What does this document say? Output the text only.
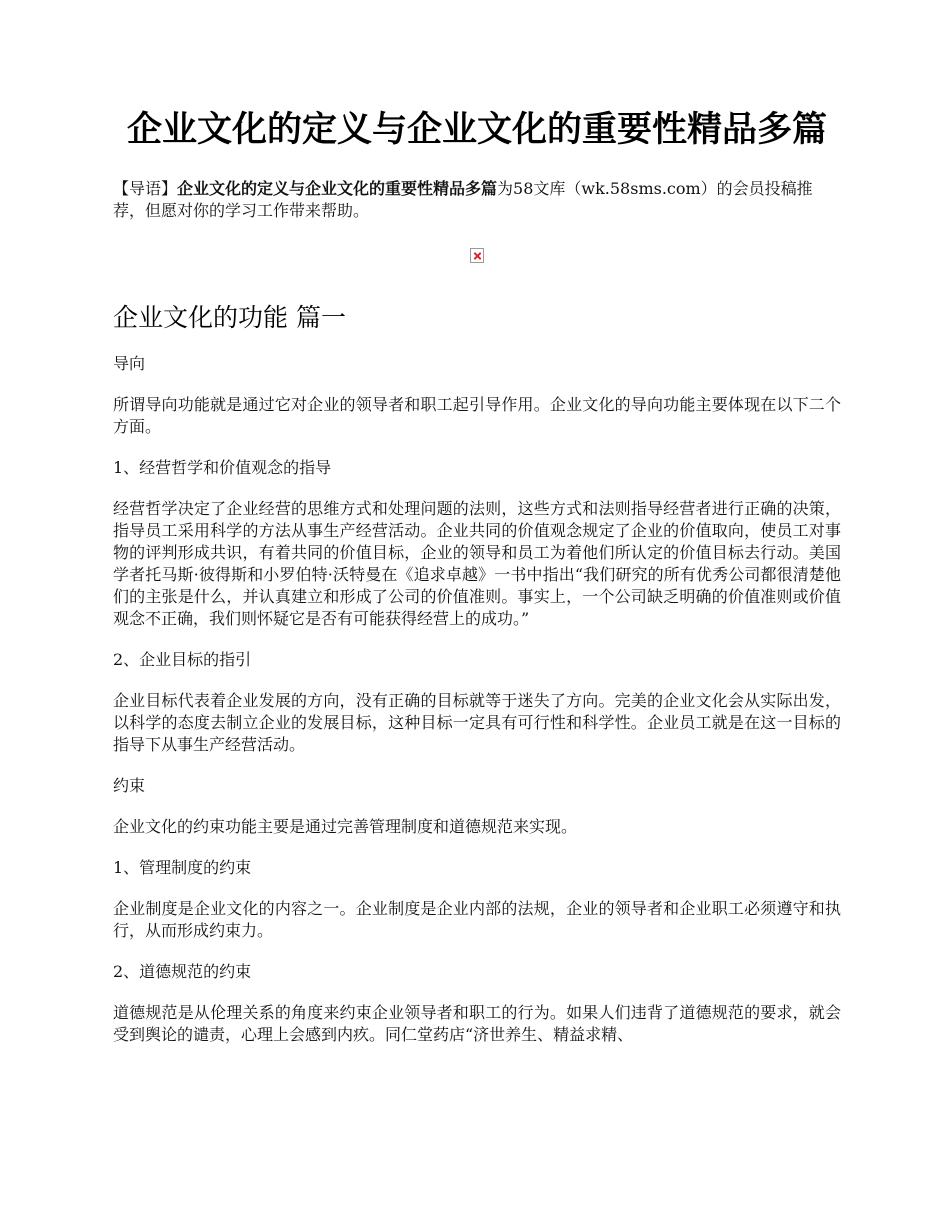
企业文化的定义与企业文化的重要性精品多篇
【导语】企业文化的定义与企业文化的重要性精品多篇为58文库（wk.58sms.com）的会员投稿推荐，但愿对你的学习工作带来帮助。
企业文化的功能 篇一

导向

所谓导向功能就是通过它对企业的领导者和职工起引导作用。企业文化的导向功能主要体现在以下二个方面。

1、经营哲学和价值观念的指导

经营哲学决定了企业经营的思维方式和处理问题的法则，这些方式和法则指导经营者进行正确的决策，指导员工采用科学的方法从事生产经营活动。企业共同的价值观念规定了企业的价值取向，使员工对事物的评判形成共识，有着共同的价值目标，企业的领导和员工为着他们所认定的价值目标去行动。美国学者托马斯·彼得斯和小罗伯特·沃特曼在《追求卓越》一书中指出“我们研究的所有优秀公司都很清楚他们的主张是什么，并认真建立和形成了公司的价值准则。事实上，一个公司缺乏明确的价值准则或价值观念不正确，我们则怀疑它是否有可能获得经营上的成功。”

2、企业目标的指引

企业目标代表着企业发展的方向，没有正确的目标就等于迷失了方向。完美的企业文化会从实际出发，以科学的态度去制立企业的发展目标，这种目标一定具有可行性和科学性。企业员工就是在这一目标的指导下从事生产经营活动。

约束

企业文化的约束功能主要是通过完善管理制度和道德规范来实现。

1、管理制度的约束

企业制度是企业文化的内容之一。企业制度是企业内部的法规，企业的领导者和企业职工必须遵守和执行，从而形成约束力。

2、道德规范的约束

道德规范是从伦理关系的角度来约束企业领导者和职工的行为。如果人们违背了道德规范的要求，就会受到舆论的谴责，心理上会感到内疚。同仁堂药店“济世养生、精益求精、
